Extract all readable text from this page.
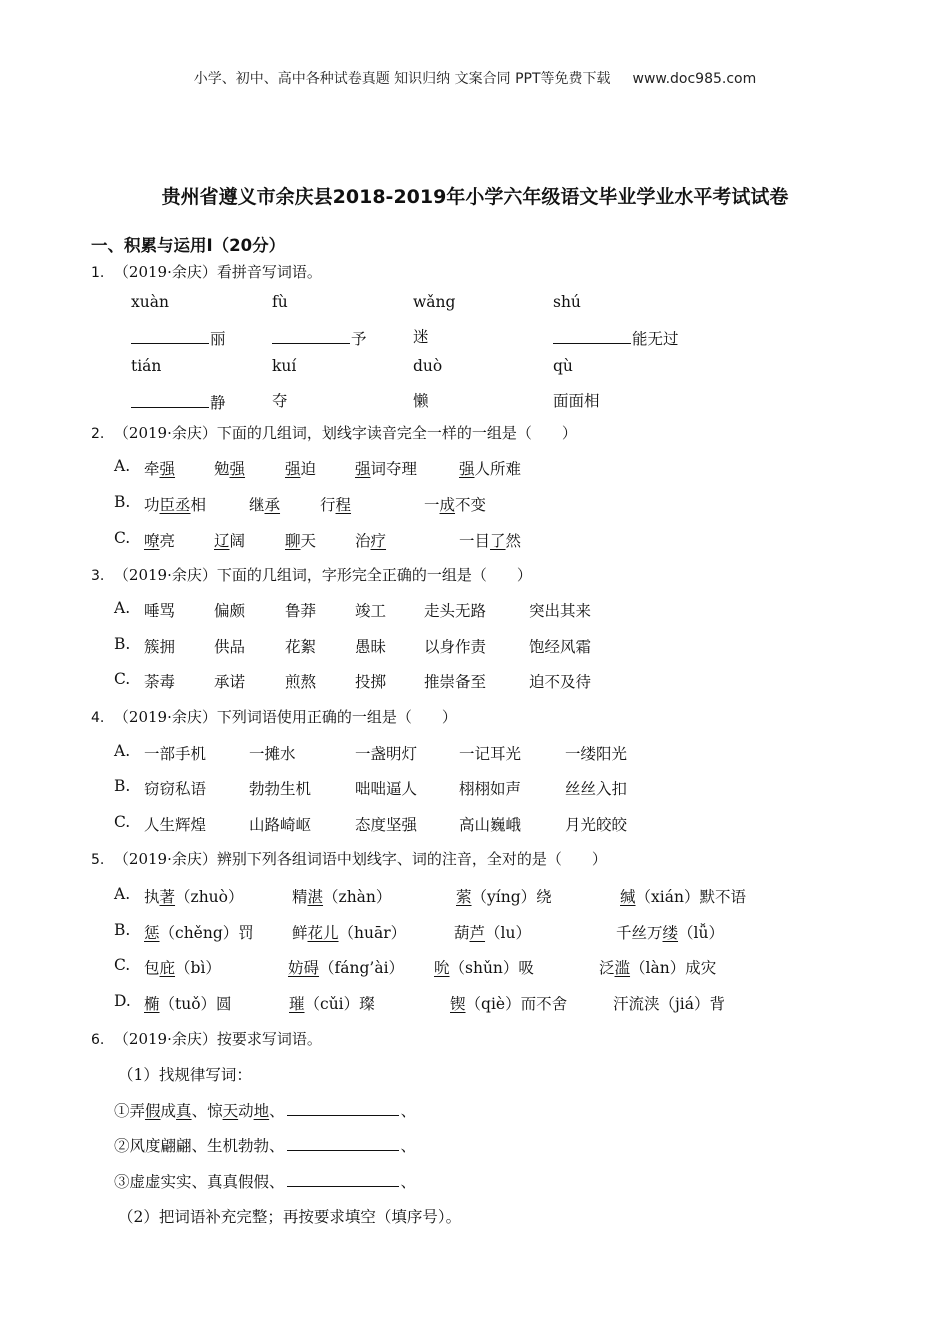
小学、初中、高中各种试卷真题 知识归纳 文案合同 PPT等免费下载 www.doc985.com
贵州省遵义市余庆县2018-2019年小学六年级语文毕业学业水平考试试卷
一、积累与运用Ⅰ（20分）
1. （2019·余庆）看拼音写词语。
xuàn	fù	wǎng	shú
丽	予	迷	能无过
tián	kuí	duò	qù
静	夺	懒	面面相
2. （2019·余庆）下面的几组词，划线字读音完全一样的一组是（　　）
A. 牵强	勉强	强迫	强词夺理	强人所难
B. 功臣丞相	继承	行程	一成不变
C. 嘹亮	辽阔	聊天	治疗	一目了然
3. （2019·余庆）下面的几组词，字形完全正确的一组是（　　）
A. 唾骂	偏颇	鲁莽	竣工 走头无路	突出其来
B. 簇拥	供品	花絮	愚昧 以身作责	饱经风霜
C. 荼毒	承诺	煎熬	投掷 推崇备至	迫不及待
4. （2019·余庆）下列词语使用正确的一组是（　　）
A. 一部手机	一摊水	一盏明灯	一记耳光	一缕阳光
B. 窃窃私语	勃勃生机	咄咄逼人	栩栩如声	丝丝入扣
C. 人生辉煌	山路崎岖	态度坚强	高山巍峨	月光皎皎
5. （2019·余庆）辨别下列各组词语中划线字、词的注音，全对的是（　　）
A. 执著（zhuò）	精湛（zhàn）	萦（yíng）绕	缄（xián）默不语
B. 惩（chěng）罚 鲜花儿（huār）	葫芦（lu）	千丝万缕（lǚ）
C. 包庇（bì）	妨碍（fáng’ài） 吮（shǔn）吸	泛滥（làn）成灾
D. 椭（tuǒ）圆	璀（cǔi）璨	锲（qiè）而不舍	汗流浃（jiá）背
6. （2019·余庆）按要求写词语。
（1）找规律写词：
①弄假成真、惊天动地、	、
②风度翩翩、生机勃勃、	、
③虚虚实实、真真假假、	、
（2）把词语补充完整；再按要求填空（填序号）。
